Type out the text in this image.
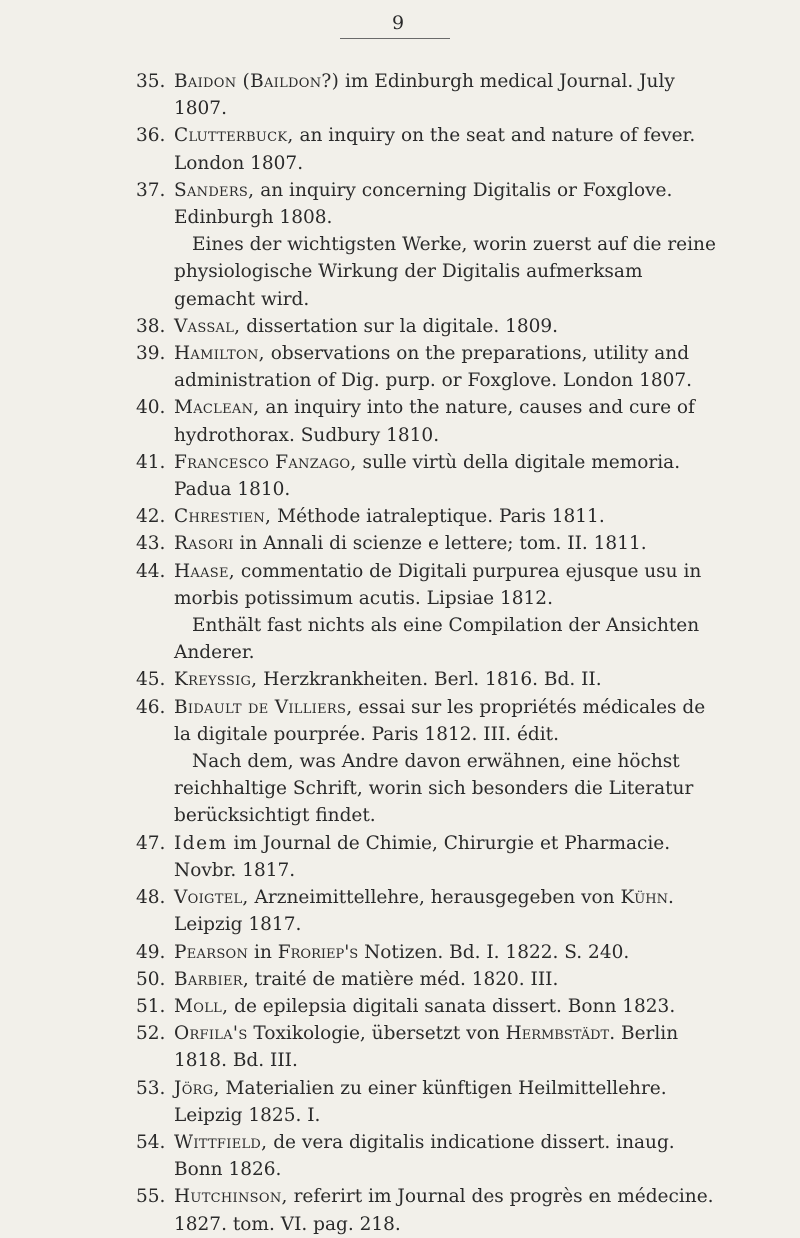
9
35. Baidon (Baildon?) im Edinburgh medical Journal. July 1807.
36. Clutterbuck, an inquiry on the seat and nature of fever. London 1807.
37. Sanders, an inquiry concerning Digitalis or Foxglove. Edinburgh 1808.
Eines der wichtigsten Werke, worin zuerst auf die reine physiologische Wirkung der Digitalis aufmerksam gemacht wird.
38. Vassal, dissertation sur la digitale. 1809.
39. Hamilton, observations on the preparations, utility and administration of Dig. purp. or Foxglove. London 1807.
40. Maclean, an inquiry into the nature, causes and cure of hydrothorax. Sudbury 1810.
41. Francesco Fanzago, sulle virtù della digitale memoria. Padua 1810.
42. Chrestien, Méthode iatraleptique. Paris 1811.
43. Rasori in Annali di scienze e lettere; tom. II. 1811.
44. Haase, commentatio de Digitali purpurea ejusque usu in morbis potissimum acutis. Lipsiae 1812.
Enthält fast nichts als eine Compilation der Ansichten Anderer.
45. Kreyssig, Herzkrankheiten. Berl. 1816. Bd. II.
46. Bidault de Villiers, essai sur les propriétés médicales de la digitale pourprée. Paris 1812. III. édit.
Nach dem, was Andre davon erwähnen, eine höchst reichhaltige Schrift, worin sich besonders die Literatur berücksichtigt findet.
47. Idem im Journal de Chimie, Chirurgie et Pharmacie. Novbr. 1817.
48. Voigtel, Arzneimittellehre, herausgegeben von Kühn. Leipzig 1817.
49. Pearson in Froriep's Notizen. Bd. I. 1822. S. 240.
50. Barbier, traité de matière méd. 1820. III.
51. Moll, de epilepsia digitali sanata dissert. Bonn 1823.
52. Orfila's Toxikologie, übersetzt von Hermbstädt. Berlin 1818. Bd. III.
53. Jörg, Materialien zu einer künftigen Heilmittellehre. Leipzig 1825. I.
54. Wittfield, de vera digitalis indicatione dissert. inaug. Bonn 1826.
55. Hutchinson, referirt im Journal des progrès en médecine. 1827. tom. VI. pag. 218.
